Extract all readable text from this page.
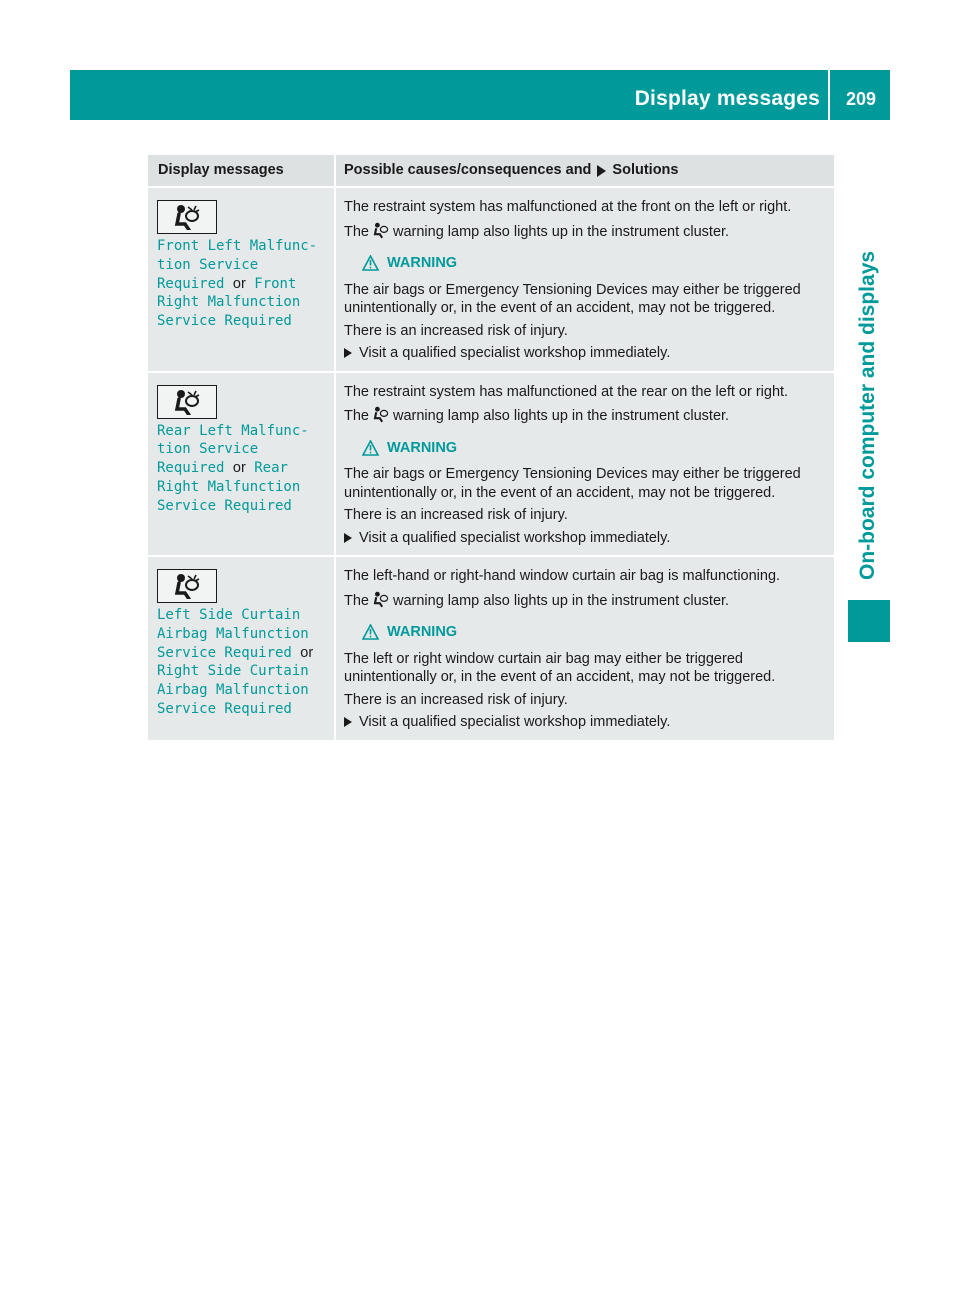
Display messages	209
On-board computer and displays
Display messages	Possible causes/consequences and Solutions
Front Left Malfunc-
tion Service
Required or Front
Right Malfunction
Service Required

The restraint system has malfunctioned at the front on the left or right.

The warning lamp also lights up in the instrument cluster.

WARNING

The air bags or Emergency Tensioning Devices may either be triggered unintentionally or, in the event of an accident, may not be triggered.

There is an increased risk of injury.

Visit a qualified specialist workshop immediately.
Rear Left Malfunc-
tion Service
Required or Rear
Right Malfunction
Service Required

The restraint system has malfunctioned at the rear on the left or right.

The warning lamp also lights up in the instrument cluster.

WARNING

The air bags or Emergency Tensioning Devices may either be triggered unintentionally or, in the event of an accident, may not be triggered.

There is an increased risk of injury.

Visit a qualified specialist workshop immediately.
Left Side Curtain
Airbag Malfunction
Service Required or
Right Side Curtain
Airbag Malfunction
Service Required

The left-hand or right-hand window curtain air bag is malfunctioning.

The warning lamp also lights up in the instrument cluster.

WARNING

The left or right window curtain air bag may either be triggered unintentionally or, in the event of an accident, may not be triggered.

There is an increased risk of injury.

Visit a qualified specialist workshop immediately.
